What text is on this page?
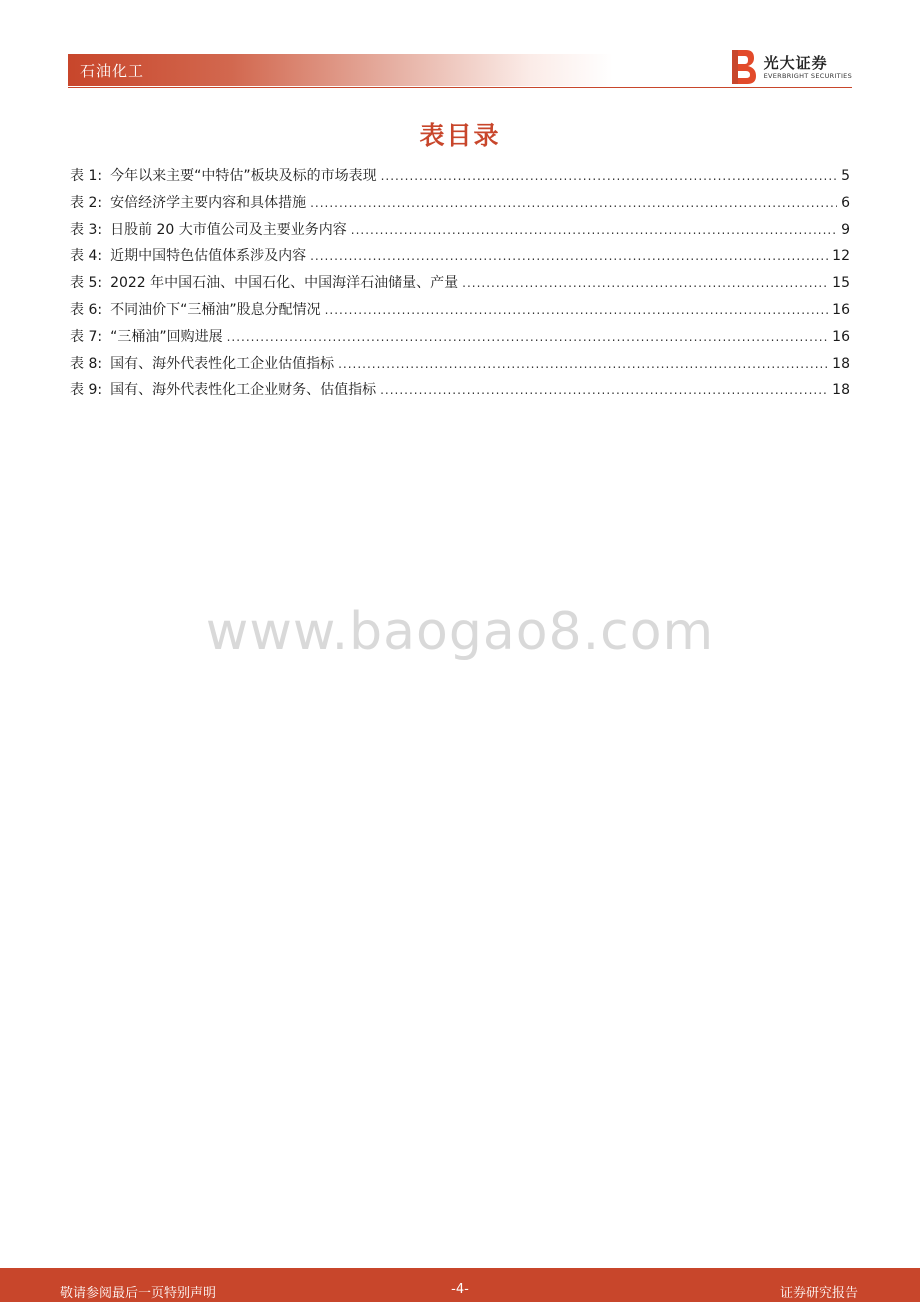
石油化工	光大证券
EVERBRIGHT SECURITIES
表目录
表 1: 今年以来主要“中特估”板块及标的市场表现 .....	5
表 2: 安倍经济学主要内容和具体措施 .....	6
表 3: 日股前 20 大市值公司及主要业务内容 .....	9
表 4: 近期中国特色估值体系涉及内容 .....	12
表 5: 2022 年中国石油、中国石化、中国海洋石油储量、产量 .....	15
表 6: 不同油价下“三桶油”股息分配情况 .....	16
表 7: “三桶油”回购进展 .....	16
表 8: 国有、海外代表性化工企业估值指标 .....	18
表 9: 国有、海外代表性化工企业财务、估值指标 .....	18
www.baogao8.com
敬请参阅最后一页特别声明	-4-	证券研究报告
